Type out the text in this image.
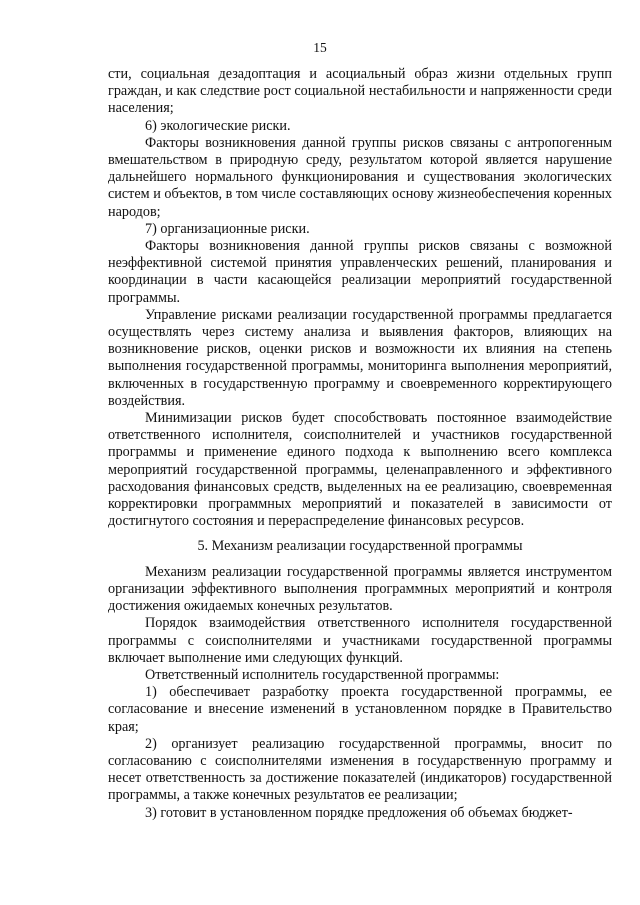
15

сти, социальная дезадоптация и асоциальный образ жизни отдельных групп граждан, и как следствие рост социальной нестабильности и напряженности среди населения;

6) экологические риски.

Факторы возникновения данной группы рисков связаны с антропогенным вмешательством в природную среду, результатом которой является нарушение дальнейшего нормального функционирования и существования экологических систем и объектов, в том числе составляющих основу жизнеобеспечения коренных народов;

7) организационные риски.

Факторы возникновения данной группы рисков связаны с возможной неэффективной системой принятия управленческих решений, планирования и координации в части касающейся реализации мероприятий государственной программы.

Управление рисками реализации государственной программы предлагается осуществлять через систему анализа и выявления факторов, влияющих на возникновение рисков, оценки рисков и возможности их влияния на степень выполнения государственной программы, мониторинга выполнения мероприятий, включенных в государственную программу и своевременного корректирующего воздействия.

Минимизации рисков будет способствовать постоянное взаимодействие ответственного исполнителя, соисполнителей и участников государственной программы и применение единого подхода к выполнению всего комплекса мероприятий государственной программы, целенаправленного и эффективного расходования финансовых средств, выделенных на ее реализацию, своевременная корректировки программных мероприятий и показателей в зависимости от достигнутого состояния и перераспределение финансовых ресурсов.

5. Механизм реализации государственной программы

Механизм реализации государственной программы является инструментом организации эффективного выполнения программных мероприятий и контроля достижения ожидаемых конечных результатов.

Порядок взаимодействия ответственного исполнителя государственной программы с соисполнителями и участниками государственной программы включает выполнение ими следующих функций.

Ответственный исполнитель государственной программы:

1) обеспечивает разработку проекта государственной программы, ее согласование и внесение изменений в установленном порядке в Правительство края;

2) организует реализацию государственной программы, вносит по согласованию с соисполнителями изменения в государственную программу и несет ответственность за достижение показателей (индикаторов) государственной программы, а также конечных результатов ее реализации;

3) готовит в установленном порядке предложения об объемах бюджет-
